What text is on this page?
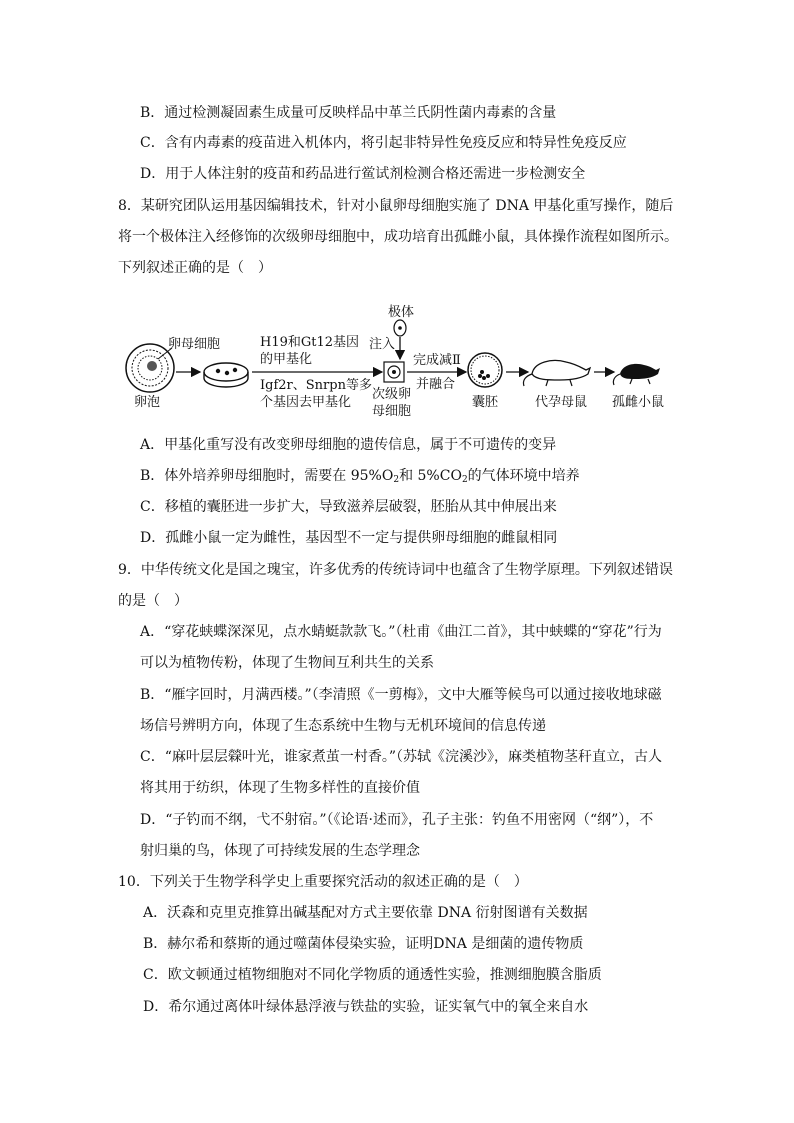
B．通过检测凝固素生成量可反映样品中革兰氏阴性菌内毒素的含量
C．含有内毒素的疫苗进入机体内，将引起非特异性免疫反应和特异性免疫反应
D．用于人体注射的疫苗和药品进行鲎试剂检测合格还需进一步检测安全
8．某研究团队运用基因编辑技术，针对小鼠卵母细胞实施了 DNA 甲基化重写操作，随后
将一个极体注入经修饰的次级卵母细胞中，成功培育出孤雌小鼠，具体操作流程如图所示。
下列叙述正确的是（　）
卵泡
卵母细胞	H19和Gt12基因
的甲基化
Igf2r、Snrpn等多
个基因去甲基化
极体
注入
次级卵
母细胞
完成减Ⅱ
并融合
囊胚	代孕母鼠 孤雌小鼠
A．甲基化重写没有改变卵母细胞的遗传信息，属于不可遗传的变异
B．体外培养卵母细胞时，需要在 $95\%O_2$和 $5\%CO_2$的气体环境中培养
C．移植的囊胚进一步扩大，导致滋养层破裂，胚胎从其中伸展出来
D．孤雌小鼠一定为雌性，基因型不一定与提供卵母细胞的雌鼠相同
9．中华传统文化是国之瑰宝，许多优秀的传统诗词中也蕴含了生物学原理。下列叙述错误
的是（　）
A．“穿花蛱蝶深深见，点水蜻蜓款款飞。”（杜甫《曲江二首》，其中蛱蝶的“穿花”行为
可以为植物传粉，体现了生物间互利共生的关系
B．“雁字回时，月满西楼。”（李清照《一剪梅》，文中大雁等候鸟可以通过接收地球磁
场信号辨明方向，体现了生态系统中生物与无机环境间的信息传递
C．“麻叶层层檾叶光，谁家煮茧一村香。”（苏轼《浣溪沙》，麻类植物茎秆直立，古人
将其用于纺织，体现了生物多样性的直接价值
D．“子钓而不纲，弋不射宿。”（《论语·述而》，孔子主张：钓鱼不用密网（“纲”），不
射归巢的鸟，体现了可持续发展的生态学理念
10．下列关于生物学科学史上重要探究活动的叙述正确的是（　）
A．沃森和克里克推算出碱基配对方式主要依靠 DNA 衍射图谱有关数据
B．赫尔希和蔡斯的通过噬菌体侵染实验，证明DNA 是细菌的遗传物质
C．欧文顿通过植物细胞对不同化学物质的通透性实验，推测细胞膜含脂质
D．希尔通过离体叶绿体悬浮液与铁盐的实验，证实氧气中的氧全来自水
